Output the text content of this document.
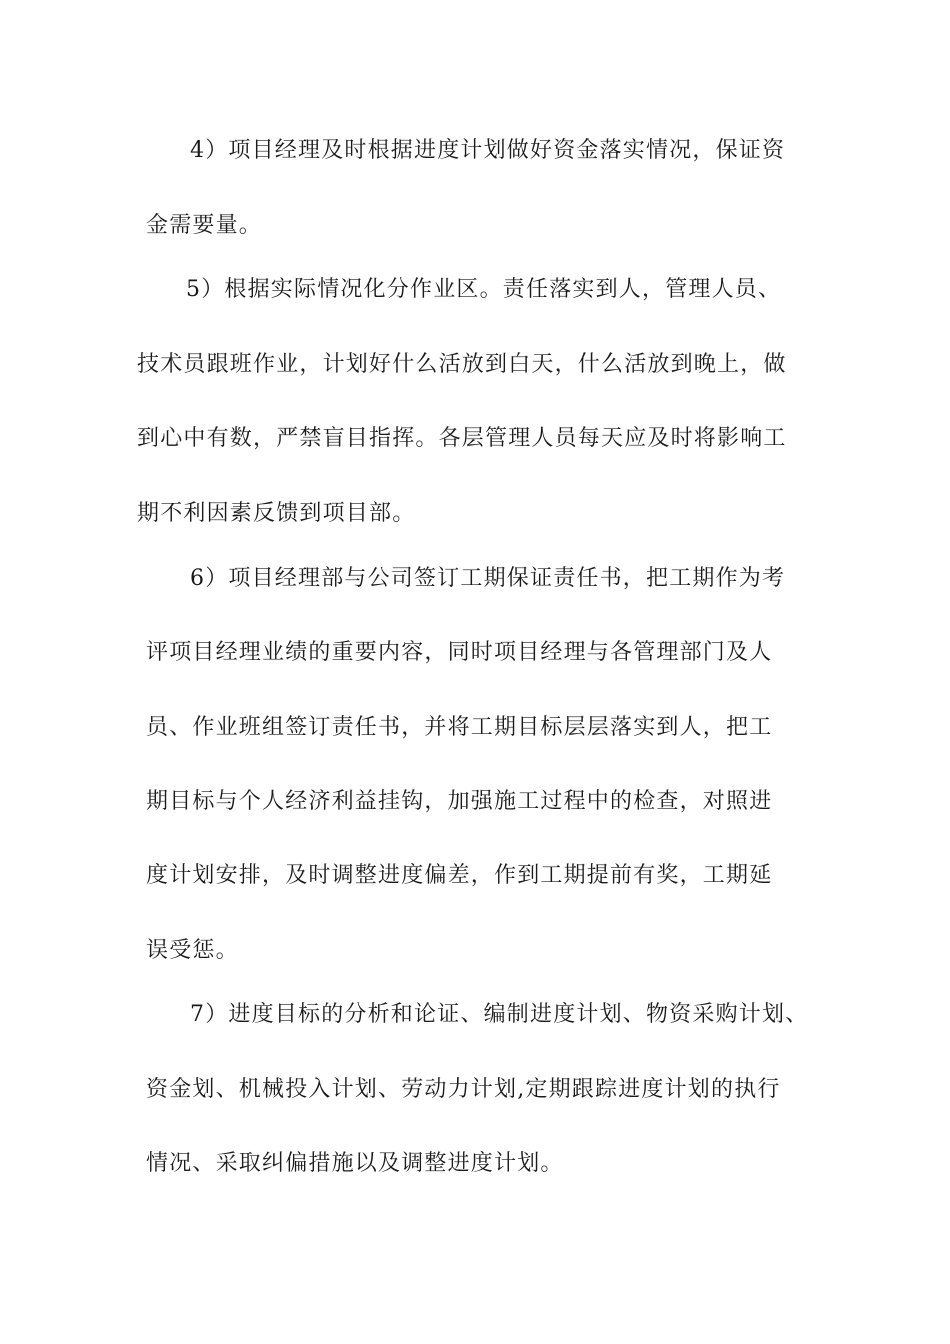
4）项目经理及时根据进度计划做好资金落实情况，保证资
金需要量。
5）根据实际情况化分作业区。责任落实到人，管理人员、
技术员跟班作业，计划好什么活放到白天，什么活放到晚上，做
到心中有数，严禁盲目指挥。各层管理人员每天应及时将影响工
期不利因素反馈到项目部。
6）项目经理部与公司签订工期保证责任书，把工期作为考
评项目经理业绩的重要内容，同时项目经理与各管理部门及人
员、作业班组签订责任书，并将工期目标层层落实到人，把工
期目标与个人经济利益挂钩，加强施工过程中的检查，对照进
度计划安排，及时调整进度偏差，作到工期提前有奖，工期延
误受惩。
7）进度目标的分析和论证、编制进度计划、物资采购计划、
资金划、机械投入计划、劳动力计划,定期跟踪进度计划的执行
情况、采取纠偏措施以及调整进度计划。
